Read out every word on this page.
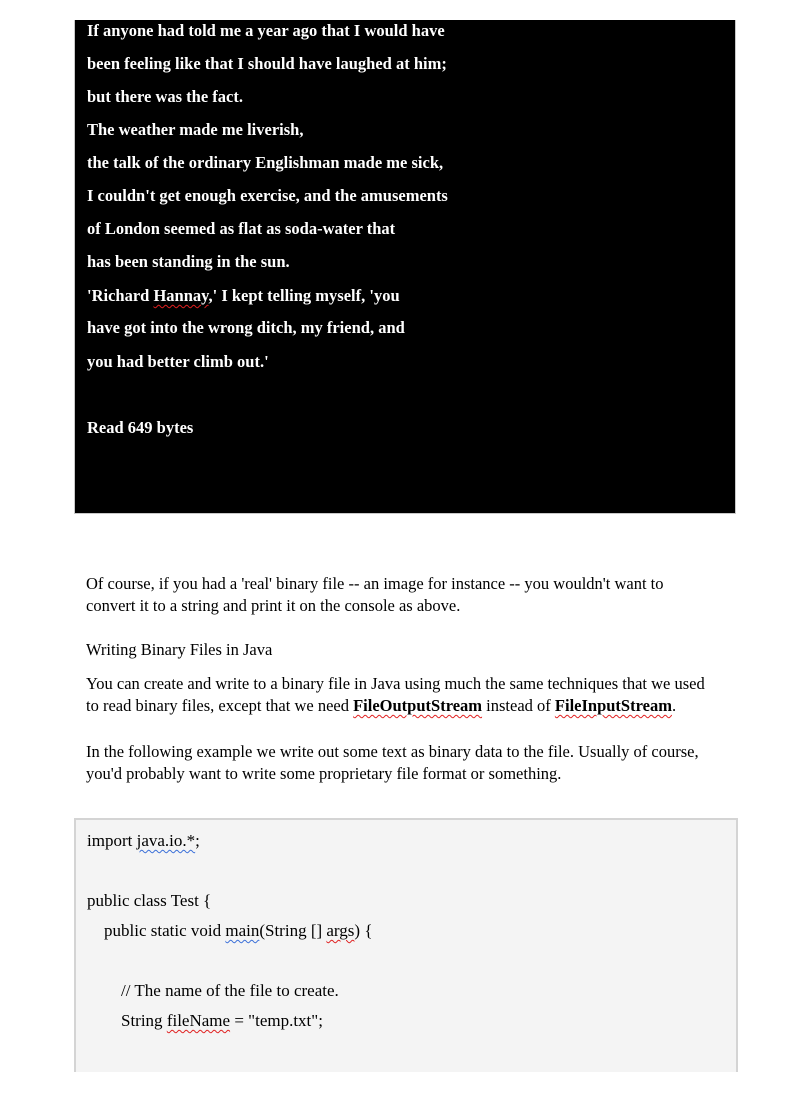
If anyone had told me a year ago that I would have
been feeling like that I should have laughed at him;
but there was the fact.
The weather made me liverish,
the talk of the ordinary Englishman made me sick,
I couldn't get enough exercise, and the amusements
of London seemed as flat as soda-water that
has been standing in the sun.
'Richard Hannay,' I kept telling myself, 'you
have got into the wrong ditch, my friend, and
you had better climb out.'
Read 649 bytes
Of course, if you had a 'real' binary file -- an image for instance -- you wouldn't want to
convert it to a string and print it on the console as above.
Writing Binary Files in Java
You can create and write to a binary file in Java using much the same techniques that we used
to read binary files, except that we need FileOutputStream instead of FileInputStream.
In the following example we write out some text as binary data to the file. Usually of course,
you'd probably want to write some proprietary file format or something.
import java.io.*;
public class Test {
public static void main(String [] args) {
// The name of the file to create.
String fileName = "temp.txt";
